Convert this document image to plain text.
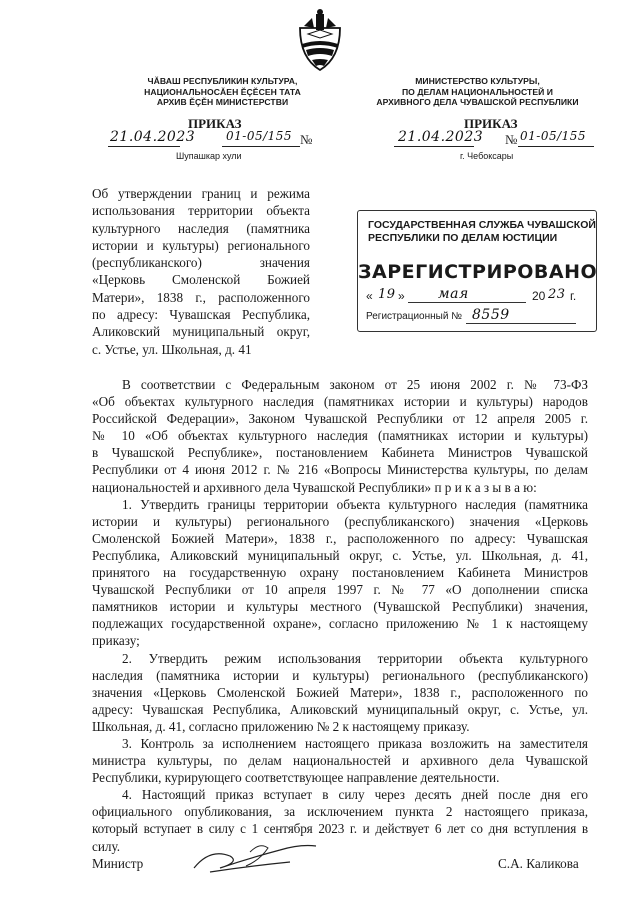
ЧĂВАШ РЕСПУБЛИКИН КУЛЬТУРА,
НАЦИОНАЛЬНОСĂЕН ĔÇĔСЕН ТАТА
АРХИВ ĔÇĔН МИНИСТЕРСТВИ
МИНИСТЕРСТВО КУЛЬТУРЫ,
ПО ДЕЛАМ НАЦИОНАЛЬНОСТЕЙ И
АРХИВНОГО ДЕЛА ЧУВАШСКОЙ РЕСПУБЛИКИ
ПРИКАЗ
21.04.2023	01-05/155 №
Шупашкар хули
ПРИКАЗ
21.04.2023 № 01-05/155
г. Чебоксары
Об утверждении границ и режима
использования территории объекта
культурного наследия (памятника
истории и культуры) регионального
(республиканского) значения
«Церковь Смоленской Божией
Матери», 1838 г., расположенного
по адресу: Чувашская Республика,
Аликовский муниципальный округ,
с. Устье, ул. Школьная, д. 41
ГОСУДАРСТВЕННАЯ СЛУЖБА ЧУВАШСКОЙ
РЕСПУБЛИКИ ПО ДЕЛАМ ЮСТИЦИИ
ЗАРЕГИСТРИРОВАНО
« 19 » мая	20 23 г.
Регистрационный № 8559
В соответствии с Федеральным законом от 25 июня 2002 г. № 73-ФЗ
«Об объектах культурного наследия (памятниках истории и культуры) народов
Российской Федерации», Законом Чувашской Республики от 12 апреля 2005 г.
№ 10 «Об объектах культурного наследия (памятниках истории и культуры)
в Чувашской Республике», постановлением Кабинета Министров Чувашской
Республики от 4 июня 2012 г. № 216 «Вопросы Министерства культуры, по делам
национальностей и архивного дела Чувашской Республики» п р и к а з ы в а ю:
1. Утвердить границы территории объекта культурного наследия (памятника
истории и культуры) регионального (республиканского) значения «Церковь
Смоленской Божией Матери», 1838 г., расположенного по адресу: Чувашская
Республика, Аликовский муниципальный округ, с. Устье, ул. Школьная, д. 41,
принятого на государственную охрану постановлением Кабинета Министров
Чувашской Республики от 10 апреля 1997 г. № 77 «О дополнении списка
памятников истории и культуры местного (Чувашской Республики) значения,
подлежащих государственной охране», согласно приложению № 1 к настоящему
приказу;
2. Утвердить режим использования территории объекта культурного
наследия (памятника истории и культуры) регионального (республиканского)
значения «Церковь Смоленской Божией Матери», 1838 г., расположенного по
адресу: Чувашская Республика, Аликовский муниципальный округ, с. Устье, ул.
Школьная, д. 41, согласно приложению № 2 к настоящему приказу.
3. Контроль за исполнением настоящего приказа возложить на заместителя
министра культуры, по делам национальностей и архивного дела Чувашской
Республики, курирующего соответствующее направление деятельности.
4. Настоящий приказ вступает в силу через десять дней после дня его
официального опубликования, за исключением пункта 2 настоящего приказа,
который вступает в силу с 1 сентября 2023 г. и действует 6 лет со дня вступления в
силу.
Министр	С.А. Каликова
